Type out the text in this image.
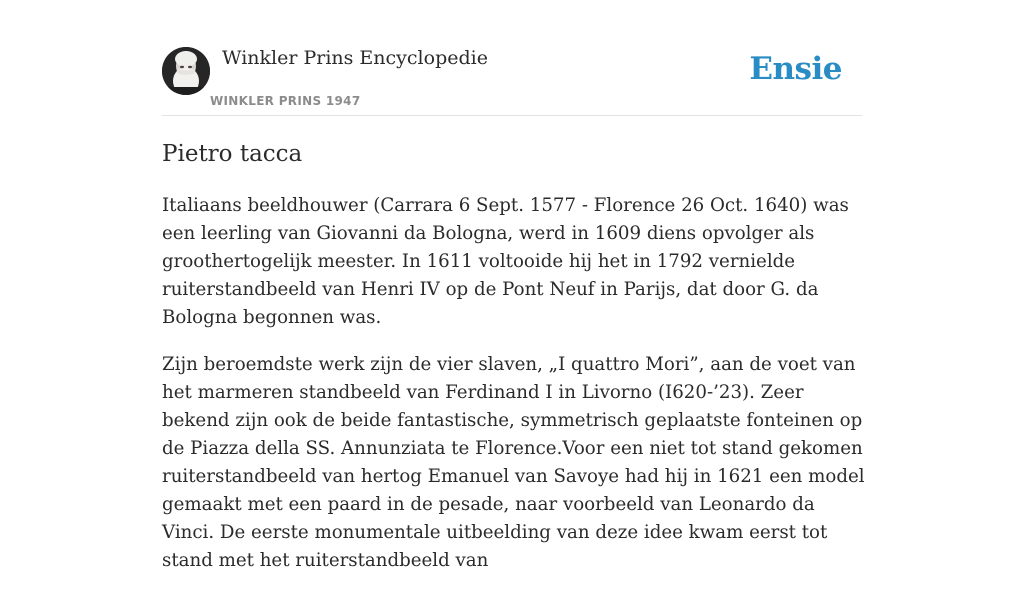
Winkler Prins Encyclopedie
WINKLER PRINS 1947
Ensie
Pietro tacca

Italiaans beeldhouwer (Carrara 6 Sept. 1577 - Florence 26 Oct. 1640) was een leerling van Giovanni da Bologna, werd in 1609 diens opvolger als groothertogelijk meester. In 1611 voltooide hij het in 1792 vernielde ruiterstandbeeld van Henri IV op de Pont Neuf in Parijs, dat door G. da Bologna begonnen was.

Zijn beroemdste werk zijn de vier slaven, „I quattro Mori”, aan de voet van het marmeren standbeeld van Ferdinand I in Livorno (I620-’23). Zeer bekend zijn ook de beide fantastische, symmetrisch geplaatste fonteinen op de Piazza della SS. Annunziata te Florence.Voor een niet tot stand gekomen ruiterstandbeeld van hertog Emanuel van Savoye had hij in 1621 een model gemaakt met een paard in de pesade, naar voorbeeld van Leonardo da Vinci. De eerste monumentale uitbeelding van deze idee kwam eerst tot stand met het ruiterstandbeeld van
